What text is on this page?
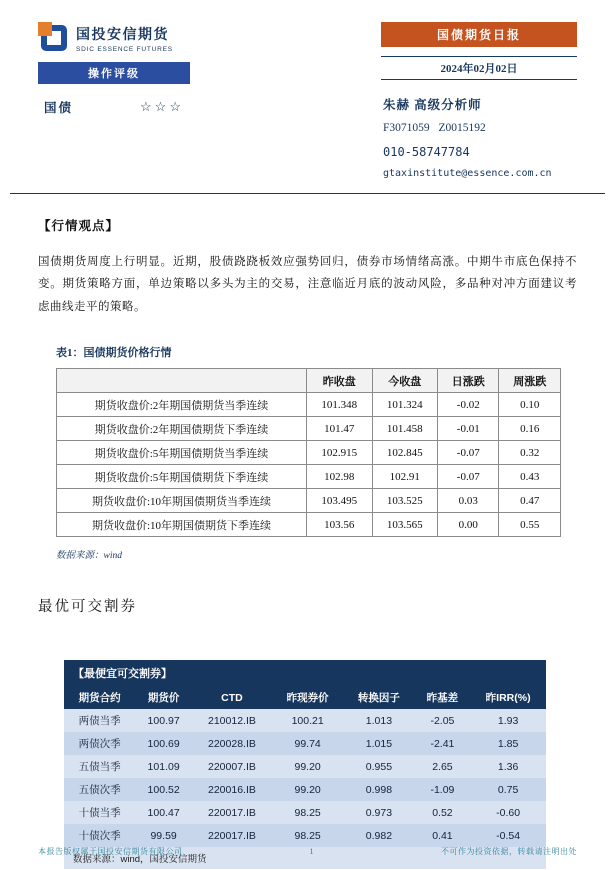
国投安信期货
SDIC ESSENCE FUTURES
操作评级
国债	☆☆☆
国债期货日报
2024年02月02日
朱赫 高级分析师
F3071059 Z0015192
010-58747784
gtaxinstitute@essence.com.cn
【行情观点】
国债期货周度上行明显。近期，股债跷跷板效应强势回归，债券市场情绪高涨。中期牛市底色保持不变。期货策略方面，单边策略以多头为主的交易，注意临近月底的波动风险，多品种对冲方面建议考虑曲线走平的策略。
表1：国债期货价格行情
	昨收盘	今收盘	日涨跌	周涨跌
期货收盘价:2年期国债期货当季连续	101.348	101.324	-0.02	0.10
期货收盘价:2年期国债期货下季连续	101.47	101.458	-0.01	0.16
期货收盘价:5年期国债期货当季连续	102.915	102.845	-0.07	0.32
期货收盘价:5年期国债期货下季连续	102.98	102.91	-0.07	0.43
期货收盘价:10年期国债期货当季连续	103.495	103.525	0.03	0.47
期货收盘价:10年期国债期货下季连续	103.56	103.565	0.00	0.55
数据来源：wind
最优可交割券
【最便宜可交割券】						
期货合约	期货价	CTD	昨现券价	转换因子	昨基差	昨IRR(%)
两债当季	100.97	210012.IB	100.21	1.013	-2.05	1.93
两债次季	100.69	220028.IB	99.74	1.015	-2.41	1.85
五债当季	101.09	220007.IB	99.20	0.955	2.65	1.36
五债次季	100.52	220016.IB	99.20	0.998	-1.09	0.75
十债当季	100.47	220017.IB	98.25	0.973	0.52	-0.60
十债次季	99.59	220017.IB	98.25	0.982	0.41	-0.54
数据来源：wind，国投安信期货						
本报告版权属于国投安信期货有限公司	1	不可作为投资依据，转载请注明出处
